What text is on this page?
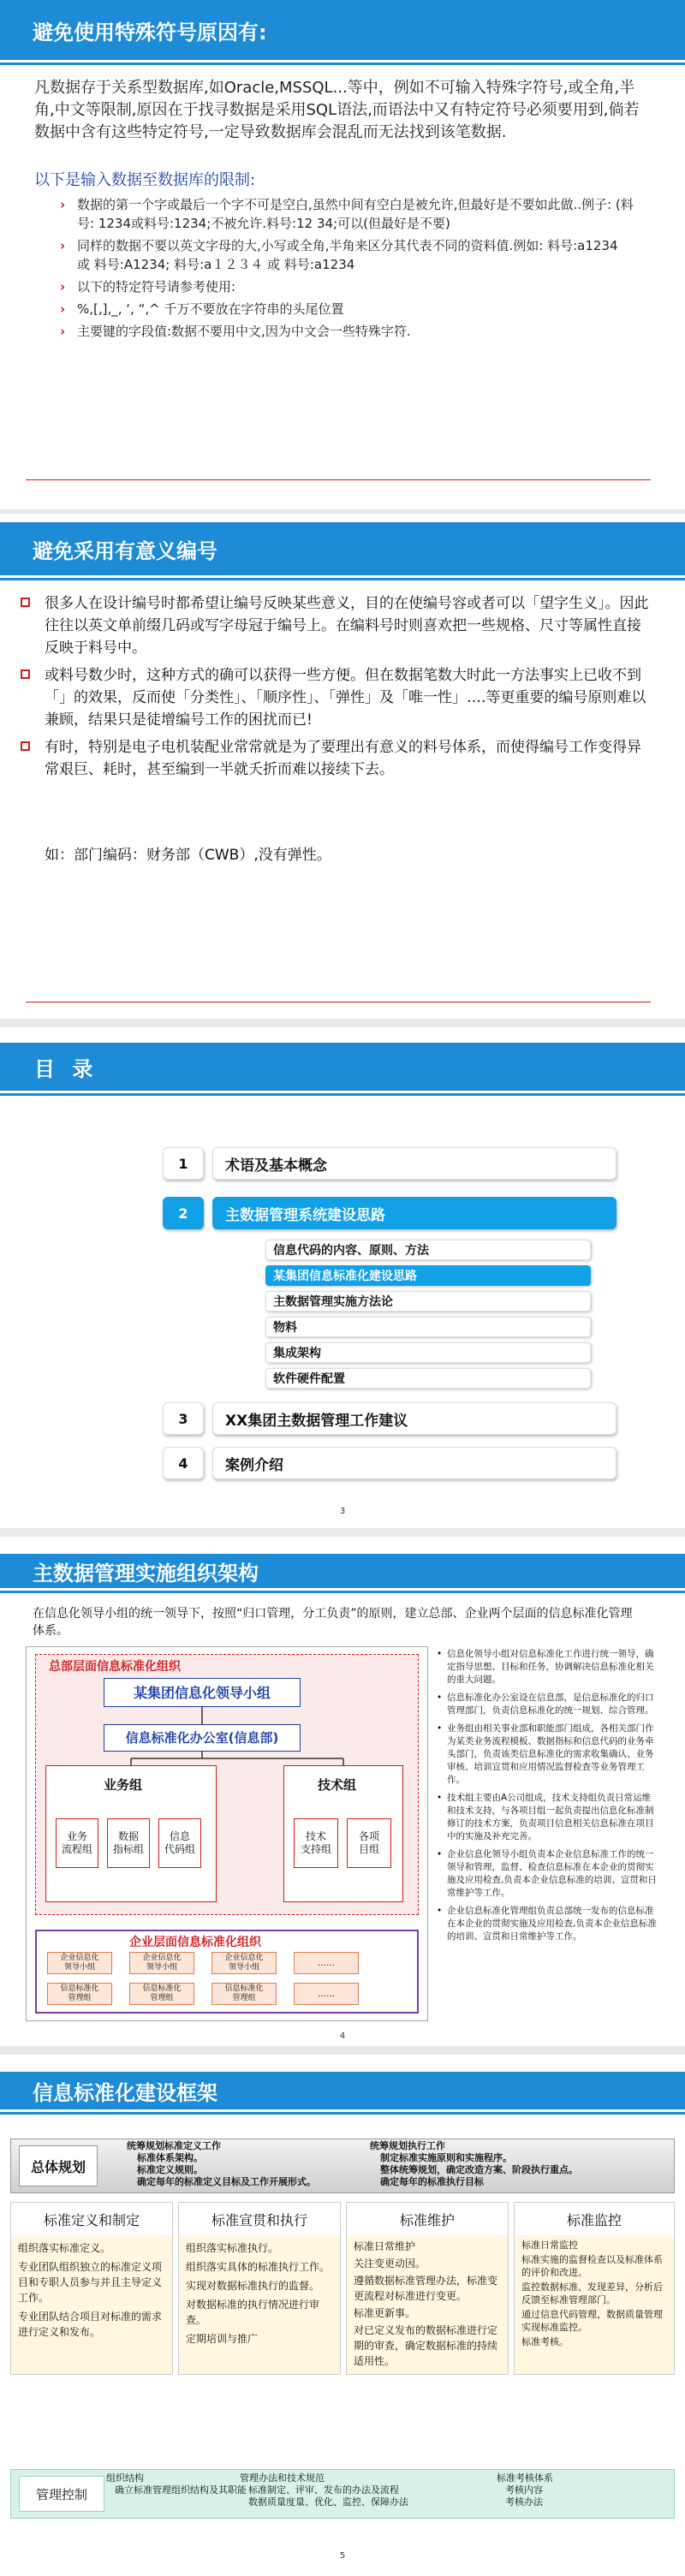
避免使用特殊符号原因有:

凡数据存于关系型数据库,如Oracle,MSSQL...等中，例如不可输入特殊字符号,或全角,半角,中文等限制,原因在于找寻数据是采用SQL语法,而语法中又有特定符号必须要用到,倘若数据中含有这些特定符号,一定导致数据库会混乱而无法找到该笔数据.

以下是输入数据至数据库的限制:
› 数据的第一个字或最后一个字不可是空白,虽然中间有空白是被允许,但最好是不要如此做..例子: (料号: 1234或料号:1234;不被允许.料号:12 34;可以(但最好是不要)
› 同样的数据不要以英文字母的大,小写或全角,半角来区分其代表不同的资料值.例如: 料号:a1234 或 料号:A1234; 料号:a１２３４ 或 料号:a1234
› 以下的特定符号请参考使用:
› %,[,],_, ‘, “,^ 千万不要放在字符串的头尾位置
› 主要键的字段值:数据不要用中文,因为中文会一些特殊字符.
避免采用有意义编号
很多人在设计编号时都希望让编号反映某些意义，目的在使编号容或者可以「望字生义」。因此往往以英文单前缀几码或写字母冠于编号上。在编料号时则喜欢把一些规格、尺寸等属性直接反映于料号中。
或料号数少时，这种方式的确可以获得一些方便。但在数据笔数大时此一方法事实上已收不到「」的效果，反而使「分类性」、「顺序性」、「弹性」及「唯一性」….等更重要的编号原则难以兼顾，结果只是徒增编号工作的困扰而已!
有时，特别是电子电机装配业常常就是为了要理出有意义的料号体系，而使得编号工作变得异常艰巨、耗时，甚至编到一半就夭折而难以接续下去。
如：部门编码：财务部（CWB）,没有弹性。
目 录
1	术语及基本概念
2	主数据管理系统建设思路
信息代码的内容、原则、方法
某集团信息标准化建设思路
主数据管理实施方法论
物料
集成架构
软件硬件配置
3	XX集团主数据管理工作建议
4	案例介绍
3
主数据管理实施组织架构

在信息化领导小组的统一领导下，按照“归口管理，分工负责”的原则，建立总部、企业两个层面的信息标准化管理体系。

总部层面信息标准化组织
某集团信息化领导小组
信息标准化办公室(信息部)
业务组
业务
流程组
数据
指标组
信息
代码组
技术组
技术
支持组
各项
目组
企业层面信息标准化组织
企业信息化
领导小组
企业信息化
领导小组
企业信息化
领导小组	……
信息标准化
管理组
信息标准化
管理组
信息标准化
管理组	……
• 信息化领导小组对信息标准化工作进行统一领导，确定指导思想、目标和任务，协调解决信息标准化相关的重大问题。
• 信息标准化办公室设在信息部，是信息标准化的归口管理部门，负责信息标准化的统一规划、综合管理。
• 业务组由相关事业部和职能部门组成，各相关部门作为某类业务流程模板、数据指标和信息代码的业务牵头部门，负责该类信息标准化的需求收集确认、业务审核、培训宣贯和应用情况监督检查等业务管理工作。
• 技术组主要由A公司组成，技术支持组负责日常运维和技术支持，与各项目组一起负责提出信息化标准制修订的技术方案，负责项目信息相关信息标准在项目中的实施及补充完善。
• 企业信息化领导小组负责本企业信息标准工作的统一领导和管理，监督、检查信息标准在本企业的贯彻实施及应用检查,负责本企业信息标准的培训、宣贯和日常维护等工作。
• 企业信息标准化管理组负责总部统一发布的信息标准在本企业的贯彻实施及应用检查,负责本企业信息标准的培训、宣贯和日常维护等工作。
4
信息标准化建设框架
总体规划
统筹规划标准定义工作
标准体系架构。
标准定义规则。
确定每年的标准定义目标及工作开展形式。
统筹规划执行工作
制定标准实施原则和实施程序。
整体统筹规划，确定改造方案、阶段执行重点。
确定每年的标准执行目标
标准定义和制定

组织落实标准定义。

专业团队组织独立的标准定义项目和专职人员参与并且主导定义工作。

专业团队结合项目对标准的需求进行定义和发布。

标准宣贯和执行

组织落实标准执行。

组织落实具体的标准执行工作。

实现对数据标准执行的监督。

对数据标准的执行情况进行审查。

定期培训与推广

标准维护

标准日常维护

关注变更动因。

遵循数据标准管理办法，标准变更流程对标准进行变更。

标准更新事。

对已定义发布的数据标准进行定期的审查，确定数据标准的持续适用性。

标准监控

标准日常监控

标准实施的监督检查以及标准体系的评价和改进。

监控数据标准、发现差异，分析后反馈至标准管理部门。

通过信息代码管理、数据质量管理实现标准监控。

标准考核。

管理控制
组织结构
确立标准管理组织结构及其职能
管理办法和技术规范
标准制定、评审、发布的办法及流程
数据质量度量、优化、监控、保障办法
标准考核体系
考核内容
考核办法
5
